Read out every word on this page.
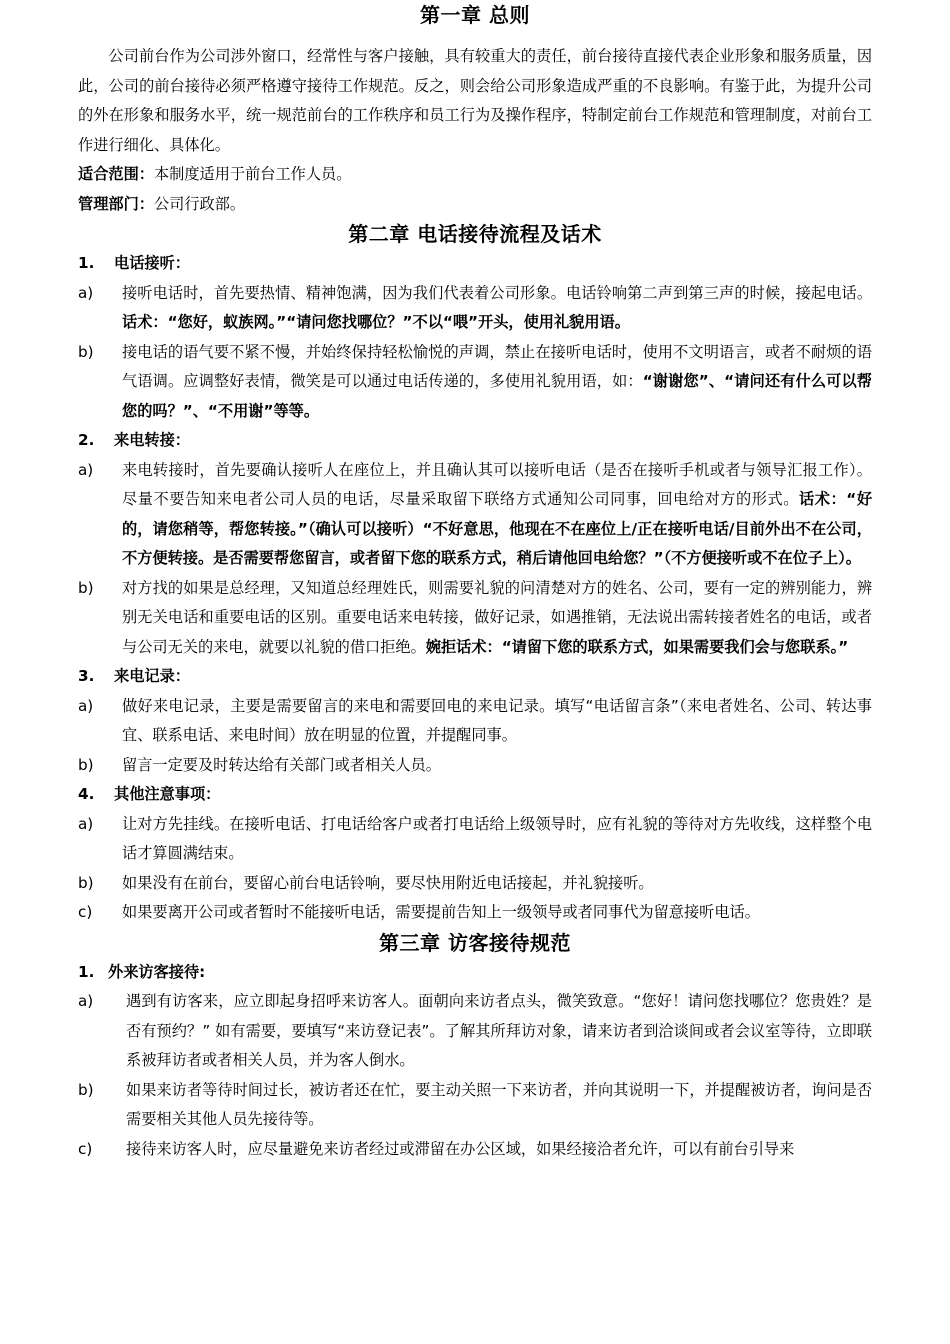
第一章 总则

公司前台作为公司涉外窗口，经常性与客户接触，具有较重大的责任，前台接待直接代表企业形象和服务质量，因此，公司的前台接待必须严格遵守接待工作规范。反之，则会给公司形象造成严重的不良影响。有鉴于此，为提升公司的外在形象和服务水平，统一规范前台的工作秩序和员工行为及操作程序，特制定前台工作规范和管理制度，对前台工作进行细化、具体化。

适合范围：本制度适用于前台工作人员。

管理部门：公司行政部。

第二章 电话接待流程及话术
1.	电话接听：
a)	接听电话时，首先要热情、精神饱满，因为我们代表着公司形象。电话铃响第二声到第三声的时候，接起电话。话术：“您好，蚁族网。”“请问您找哪位？”不以“喂”开头，使用礼貌用语。
b)	接电话的语气要不紧不慢，并始终保持轻松愉悦的声调，禁止在接听电话时，使用不文明语言，或者不耐烦的语气语调。应调整好表情，微笑是可以通过电话传递的，多使用礼貌用语，如：“谢谢您”、“请问还有什么可以帮您的吗？”、“不用谢”等等。
2.	来电转接：
a)	来电转接时，首先要确认接听人在座位上，并且确认其可以接听电话（是否在接听手机或者与领导汇报工作）。尽量不要告知来电者公司人员的电话，尽量采取留下联络方式通知公司同事，回电给对方的形式。话术：“好的，请您稍等，帮您转接。”（确认可以接听）“不好意思，他现在不在座位上/正在接听电话/目前外出不在公司，不方便转接。是否需要帮您留言，或者留下您的联系方式，稍后请他回电给您？”（不方便接听或不在位子上）。
b)	对方找的如果是总经理，又知道总经理姓氏，则需要礼貌的问清楚对方的姓名、公司，要有一定的辨别能力，辨别无关电话和重要电话的区别。重要电话来电转接，做好记录，如遇推销，无法说出需转接者姓名的电话，或者与公司无关的来电，就要以礼貌的借口拒绝。婉拒话术：“请留下您的联系方式，如果需要我们会与您联系。”
3.	来电记录：
a)	做好来电记录，主要是需要留言的来电和需要回电的来电记录。填写“电话留言条”（来电者姓名、公司、转达事宜、联系电话、来电时间）放在明显的位置，并提醒同事。
b)	留言一定要及时转达给有关部门或者相关人员。
4.	其他注意事项：
a)	让对方先挂线。在接听电话、打电话给客户或者打电话给上级领导时，应有礼貌的等待对方先收线，这样整个电话才算圆满结束。
b)	如果没有在前台，要留心前台电话铃响，要尽快用附近电话接起，并礼貌接听。
c)	如果要离开公司或者暂时不能接听电话，需要提前告知上一级领导或者同事代为留意接听电话。
第三章 访客接待规范
1. 外来访客接待:
a)	遇到有访客来，应立即起身招呼来访客人。面朝向来访者点头，微笑致意。“您好！请问您找哪位？您贵姓？是否有预约？” 如有需要，要填写“来访登记表”。了解其所拜访对象，请来访者到洽谈间或者会议室等待，立即联系被拜访者或者相关人员，并为客人倒水。
b)	如果来访者等待时间过长，被访者还在忙，要主动关照一下来访者，并向其说明一下，并提醒被访者，询问是否需要相关其他人员先接待等。
c)	接待来访客人时，应尽量避免来访者经过或滞留在办公区域，如果经接洽者允许，可以有前台引导来
